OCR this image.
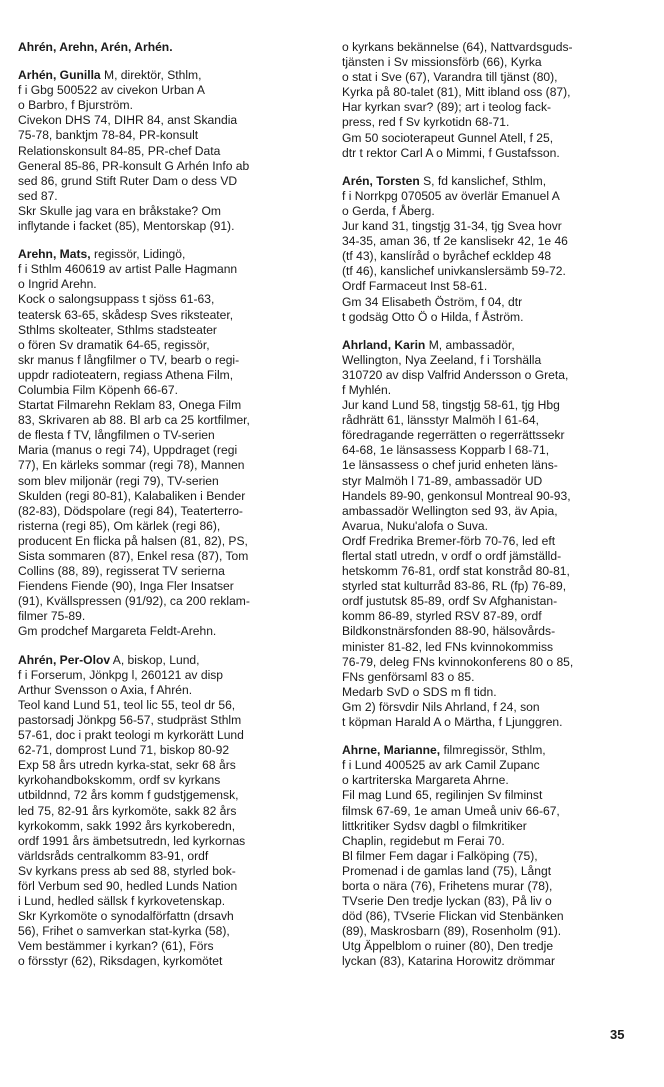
Ahrén, Arehn, Arén, Arhén.
Arhén, Gunilla M, direktör, Sthlm,
f i Gbg 500522 av civekon Urban A
o Barbro, f Bjurström.
Civekon DHS 74, DIHR 84, anst Skandia
75-78, banktjm 78-84, PR-konsult
Relationskonsult 84-85, PR-chef Data
General 85-86, PR-konsult G Arhén Info ab
sed 86, grund Stift Ruter Dam o dess VD
sed 87.
Skr Skulle jag vara en bråkstake? Om
inflytande i facket (85), Mentorskap (91).
Arehn, Mats, regissör, Lidingö,
f i Sthlm 460619 av artist Palle Hagmann
o Ingrid Arehn.
Kock o salongsuppass t sjöss 61-63,
teatersk 63-65, skådesp Sves riksteater,
Sthlms skolteater, Sthlms stadsteater
o fören Sv dramatik 64-65, regissör,
skr manus f långfilmer o TV, bearb o regi-
uppdr radioteatern, regiass Athena Film,
Columbia Film Köpenh 66-67.
Startat Filmarehn Reklam 83, Onega Film
83, Skrivaren ab 88. Bl arb ca 25 kortfilmer,
de flesta f TV, långfilmen o TV-serien
Maria (manus o regi 74), Uppdraget (regi
77), En kärleks sommar (regi 78), Mannen
som blev miljonär (regi 79), TV-serien
Skulden (regi 80-81), Kalabaliken i Bender
(82-83), Dödspolare (regi 84), Teaterterro-
risterna (regi 85), Om kärlek (regi 86),
producent En flicka på halsen (81, 82), PS,
Sista sommaren (87), Enkel resa (87), Tom
Collins (88, 89), regisserat TV serierna
Fiendens Fiende (90), Inga Fler Insatser
(91), Kvällspressen (91/92), ca 200 reklam-
filmer 75-89.
Gm prodchef Margareta Feldt-Arehn.
Ahrén, Per-Olov A, biskop, Lund,
f i Forserum, Jönkpg l, 260121 av disp
Arthur Svensson o Axia, f Ahrén.
Teol kand Lund 51, teol lic 55, teol dr 56,
pastorsadj Jönkpg 56-57, studpräst Sthlm
57-61, doc i prakt teologi m kyrkorätt Lund
62-71, domprost Lund 71, biskop 80-92
Exp 58 års utredn kyrka-stat, sekr 68 års
kyrkohandbokskomm, ordf sv kyrkans
utbildnnd, 72 års komm f gudstjgemensk,
led 75, 82-91 års kyrkomöte, sakk 82 års
kyrkokomm, sakk 1992 års kyrkoberedn,
ordf 1991 års ämbetsutredn, led kyrkornas
världsråds centralkomm 83-91, ordf
Sv kyrkans press ab sed 88, styrled bok-
förl Verbum sed 90, hedled Lunds Nation
i Lund, hedled sällsk f kyrkovetenskap.
Skr Kyrkomöte o synodalförfattn (drsavh
56), Frihet o samverkan stat-kyrka (58),
Vem bestämmer i kyrkan? (61), Förs
o försstyr (62), Riksdagen, kyrkomötet
o kyrkans bekännelse (64), Nattvardsguds-
tjänsten i Sv missionsförb (66), Kyrka
o stat i Sve (67), Varandra till tjänst (80),
Kyrka på 80-talet (81), Mitt ibland oss (87),
Har kyrkan svar? (89); art i teolog fack-
press, red f Sv kyrkotidn 68-71.
Gm 50 socioterapeut Gunnel Atell, f 25,
dtr t rektor Carl A o Mimmi, f Gustafsson.
Arén, Torsten S, fd kanslichef, Sthlm,
f i Norrkpg 070505 av överlär Emanuel A
o Gerda, f Åberg.
Jur kand 31, tingstjg 31-34, tjg Svea hovr
34-35, aman 36, tf 2e kanslisekr 42, 1e 46
(tf 43), kanslíråd o byråchef eckldep 48
(tf 46), kanslichef univkanslersämb 59-72.
Ordf Farmaceut Inst 58-61.
Gm 34 Elisabeth Öström, f 04, dtr
t godsäg Otto Ö o Hilda, f Åström.
Ahrland, Karin M, ambassadör,
Wellington, Nya Zeeland, f i Torshälla
310720 av disp Valfrid Andersson o Greta,
f Myhlén.
Jur kand Lund 58, tingstjg 58-61, tjg Hbg
rådhrätt 61, länsstyr Malmöh l 61-64,
föredragande regerrätten o regerrättssekr
64-68, 1e länsassess Kopparb l 68-71,
1e länsassess o chef jurid enheten läns-
styr Malmöh l 71-89, ambassadör UD
Handels 89-90, genkonsul Montreal 90-93,
ambassadör Wellington sed 93, äv Apia,
Avarua, Nuku'alofa o Suva.
Ordf Fredrika Bremer-förb 70-76, led eft
flertal statl utredn, v ordf o ordf jämställd-
hetskomm 76-81, ordf stat konstråd 80-81,
styrled stat kulturråd 83-86, RL (fp) 76-89,
ordf justutsk 85-89, ordf Sv Afghanistan-
komm 86-89, styrled RSV 87-89, ordf
Bildkonstnärsfonden 88-90, hälsovårds-
minister 81-82, led FNs kvinnokommiss
76-79, deleg FNs kvinnokonferens 80 o 85,
FNs genförsaml 83 o 85.
Medarb SvD o SDS m fl tidn.
Gm 2) försvdir Nils Ahrland, f 24, son
t köpman Harald A o Märtha, f Ljunggren.
Ahrne, Marianne, filmregissör, Sthlm,
f i Lund 400525 av ark Camil Zupanc
o kartriterska Margareta Ahrne.
Fil mag Lund 65, regilinjen Sv filminst
filmsk 67-69, 1e aman Umeå univ 66-67,
littkritiker Sydsv dagbl o filmkritiker
Chaplin, regidebut m Ferai 70.
Bl filmer Fem dagar i Falköping (75),
Promenad i de gamlas land (75), Långt
borta o nära (76), Frihetens murar (78),
TVserie Den tredje lyckan (83), På liv o
död (86), TVserie Flickan vid Stenbänken
(89), Maskrosbarn (89), Rosenholm (91).
Utg Äppelblom o ruiner (80), Den tredje
lyckan (83), Katarina Horowitz drömmar
35
